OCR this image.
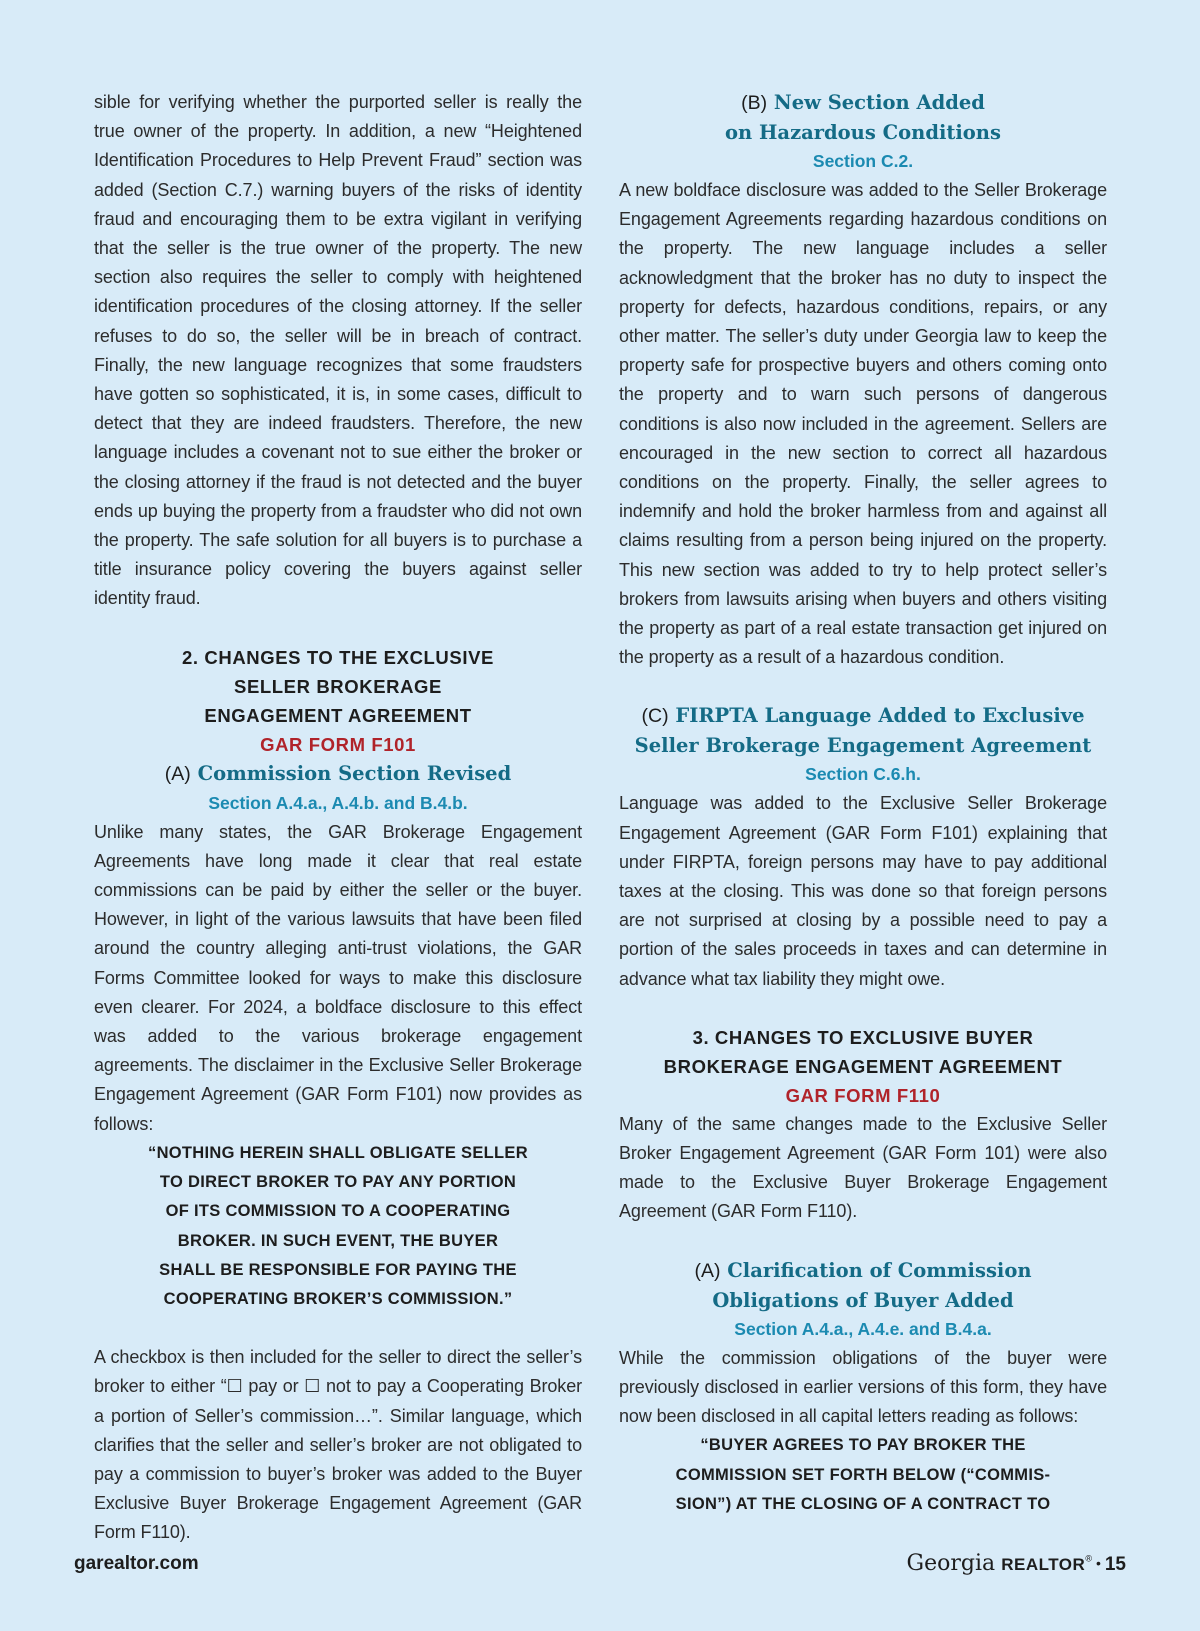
sible for verifying whether the purported seller is really the true owner of the property. In addition, a new “Heightened Identification Procedures to Help Prevent Fraud” section was added (Section C.7.) warning buyers of the risks of identity fraud and encouraging them to be extra vigilant in verifying that the seller is the true owner of the property. The new section also requires the seller to comply with heightened identification procedures of the closing attorney. If the seller refuses to do so, the seller will be in breach of contract. Finally, the new language recognizes that some fraudsters have gotten so sophisticated, it is, in some cases, difficult to detect that they are indeed fraudsters. Therefore, the new language includes a covenant not to sue either the broker or the closing attorney if the fraud is not detected and the buyer ends up buying the property from a fraudster who did not own the property. The safe solution for all buyers is to purchase a title insurance policy covering the buyers against seller identity fraud.

2. CHANGES TO THE EXCLUSIVE
SELLER BROKERAGE
ENGAGEMENT AGREEMENT
GAR FORM F101
(A) Commission Section Revised
Section A.4.a., A.4.b. and B.4.b.

Unlike many states, the GAR Brokerage Engagement Agreements have long made it clear that real estate commissions can be paid by either the seller or the buyer. However, in light of the various lawsuits that have been filed around the country alleging anti-trust violations, the GAR Forms Committee looked for ways to make this disclosure even clearer. For 2024, a boldface disclosure to this effect was added to the various brokerage engagement agreements. The disclaimer in the Exclusive Seller Brokerage Engagement Agreement (GAR Form F101) now provides as follows:

“NOTHING HEREIN SHALL OBLIGATE SELLER
TO DIRECT BROKER TO PAY ANY PORTION
OF ITS COMMISSION TO A COOPERATING
BROKER. IN SUCH EVENT, THE BUYER
SHALL BE RESPONSIBLE FOR PAYING THE
COOPERATING BROKER’S COMMISSION.”

A checkbox is then included for the seller to direct the seller’s broker to either “☐ pay or ☐ not to pay a Cooperating Broker a portion of Seller’s commission…”. Similar language, which clarifies that the seller and seller’s broker are not obligated to pay a commission to buyer’s broker was added to the Buyer Exclusive Buyer Brokerage Engagement Agreement (GAR Form F110).

(B) New Section Added
on Hazardous Conditions
Section C.2.

A new boldface disclosure was added to the Seller Brokerage Engagement Agreements regarding hazardous conditions on the property. The new language includes a seller acknowledgment that the broker has no duty to inspect the property for defects, hazardous conditions, repairs, or any other matter. The seller’s duty under Georgia law to keep the property safe for prospective buyers and others coming onto the property and to warn such persons of dangerous conditions is also now included in the agreement. Sellers are encouraged in the new section to correct all hazardous conditions on the property. Finally, the seller agrees to indemnify and hold the broker harmless from and against all claims resulting from a person being injured on the property. This new section was added to try to help protect seller’s brokers from lawsuits arising when buyers and others visiting the property as part of a real estate transaction get injured on the property as a result of a hazardous condition.

(C) FIRPTA Language Added to Exclusive
Seller Brokerage Engagement Agreement
Section C.6.h.

Language was added to the Exclusive Seller Brokerage Engagement Agreement (GAR Form F101) explaining that under FIRPTA, foreign persons may have to pay additional taxes at the closing. This was done so that foreign persons are not surprised at closing by a possible need to pay a portion of the sales proceeds in taxes and can determine in advance what tax liability they might owe.

3. CHANGES TO EXCLUSIVE BUYER
BROKERAGE ENGAGEMENT AGREEMENT
GAR FORM F110

Many of the same changes made to the Exclusive Seller Broker Engagement Agreement (GAR Form 101) were also made to the Exclusive Buyer Brokerage Engagement Agreement (GAR Form F110).

(A) Clarification of Commission
Obligations of Buyer Added
Section A.4.a., A.4.e. and B.4.a.

While the commission obligations of the buyer were previously disclosed in earlier versions of this form, they have now been disclosed in all capital letters reading as follows:

“BUYER AGREES TO PAY BROKER THE
COMMISSION SET FORTH BELOW (“COMMIS-
SION”) AT THE CLOSING OF A CONTRACT TO
garealtor.com	Georgia REALTOR® • 15
